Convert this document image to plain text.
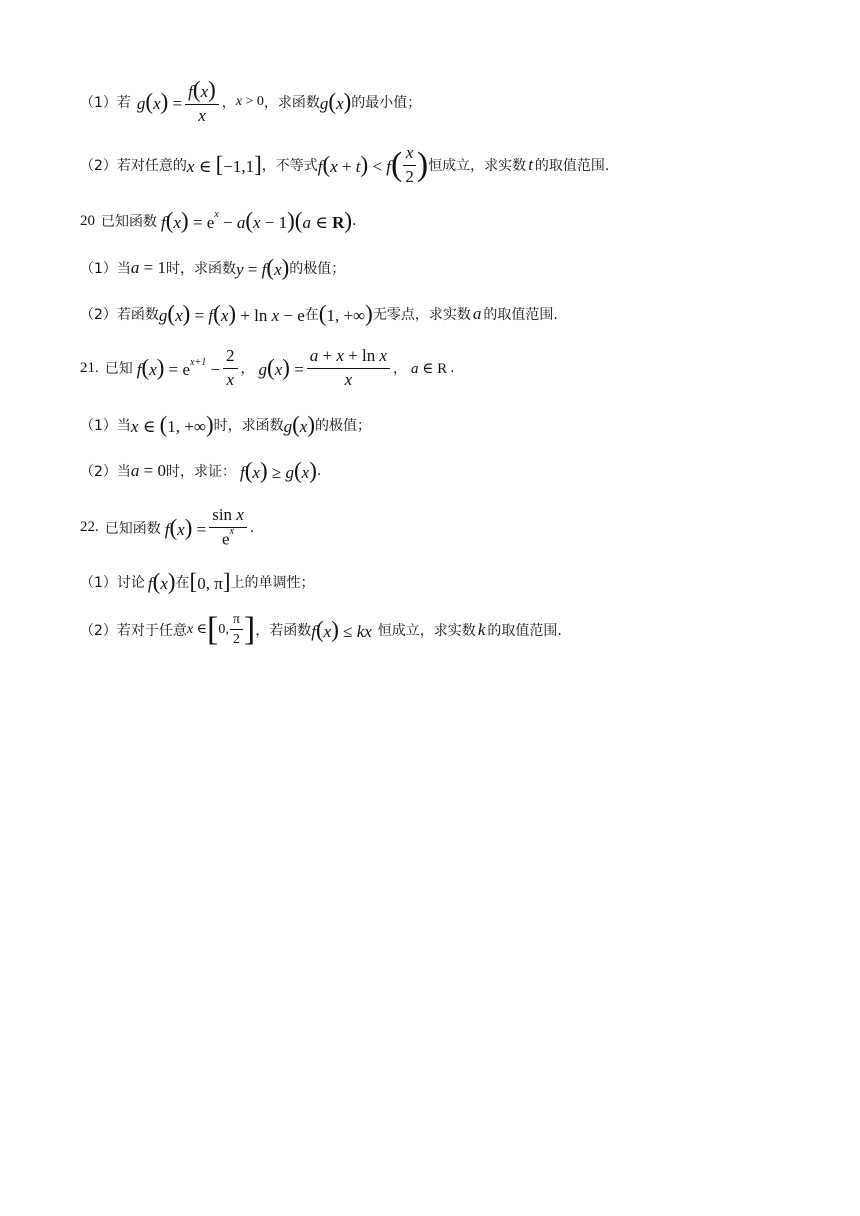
（1）若 $g(x) = \frac{f(x)}{x}$ ， x > 0 ，求函数 g(x) 的最小值；
（2）若对任意的 x ∈ [−1,1] ，不等式 f(x + t) < f ( $\frac{x}{2}$ ) 恒成立，求实数 t 的取值范围.
20 已知函数 $f(x) = e^x - a(x - 1)(a$ ∈ R) .
（1）当 a = 1 时，求函数 y = f(x) 的极值；
（2）若函数 g(x) = f(x) + ln x − e 在 (1, +∞) 无零点，求实数 a 的取值范围.
21. 已知 $f(x) = e^{x+1} - \frac{2}{x}$ ， $g(x) = \frac{\text{a + x + ln x}}{x}$ ， a ∈ R .
（1）当 x ∈ (1, +∞) 时，求函数 g(x) 的极值；
（2）当 a = 0 时，求证： f(x) ≥ g(x) .
22. 已知函数 $f(x) = \frac{\text{sin x}}{e^x}$ .
（1）讨论 f(x) 在 [0, π] 上的单调性；
（2）若对于任意 x ∈ [ 0, $\frac{\pi}{2}$ ] ，若函数 f(x) ≤ kx 恒成立，求实数 k 的取值范围.
